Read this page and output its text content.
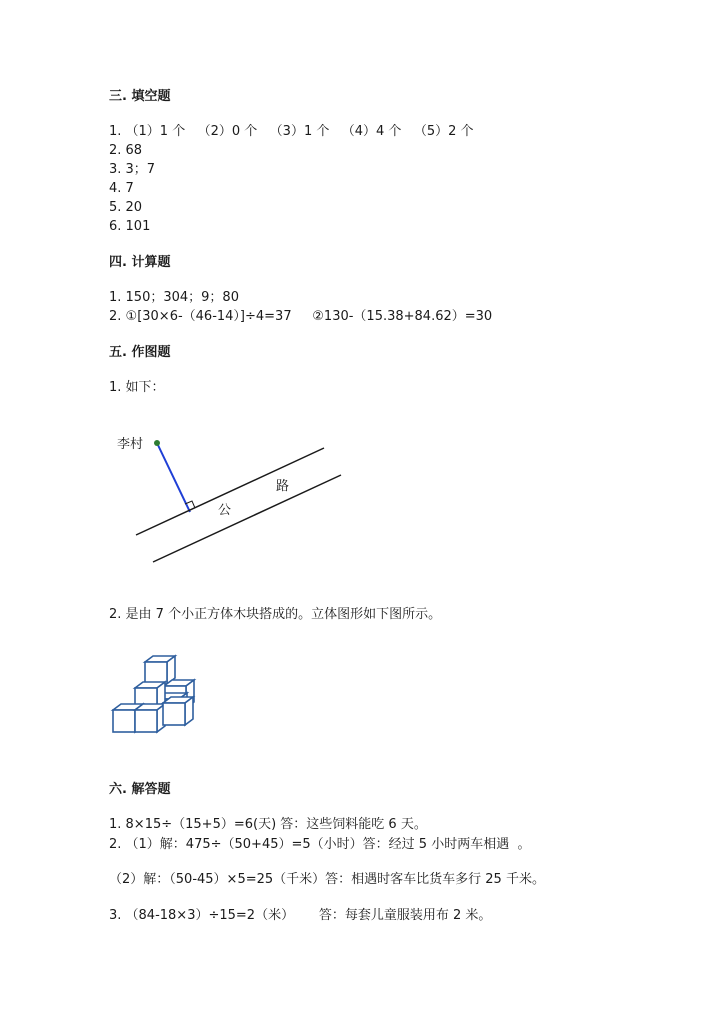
三. 填空题
1. （1）1 个   （2）0 个   （3）1 个   （4）4 个   （5）2 个
2. 68
3. 3；7
4. 7
5. 20
6. 101
四. 计算题
1. 150；304；9；80
2. ①[30×6-（46-14）]÷4=37     ②130-（15.38+84.62）=30
五. 作图题
1. 如下：
李村
公
路
2. 是由 7 个小正方体木块搭成的。立体图形如下图所示。
六. 解答题
1. 8×15÷（15+5）=6(天) 答：这些饲料能吃 6 天。
2. （1）解：475÷（50+45）=5（小时）答：经过 5 小时两车相遇  。
（2）解：（50-45）×5=25（千米）答：相遇时客车比货车多行 25 千米。
3. （84-18×3）÷15=2（米）      答：每套儿童服装用布 2 米。
